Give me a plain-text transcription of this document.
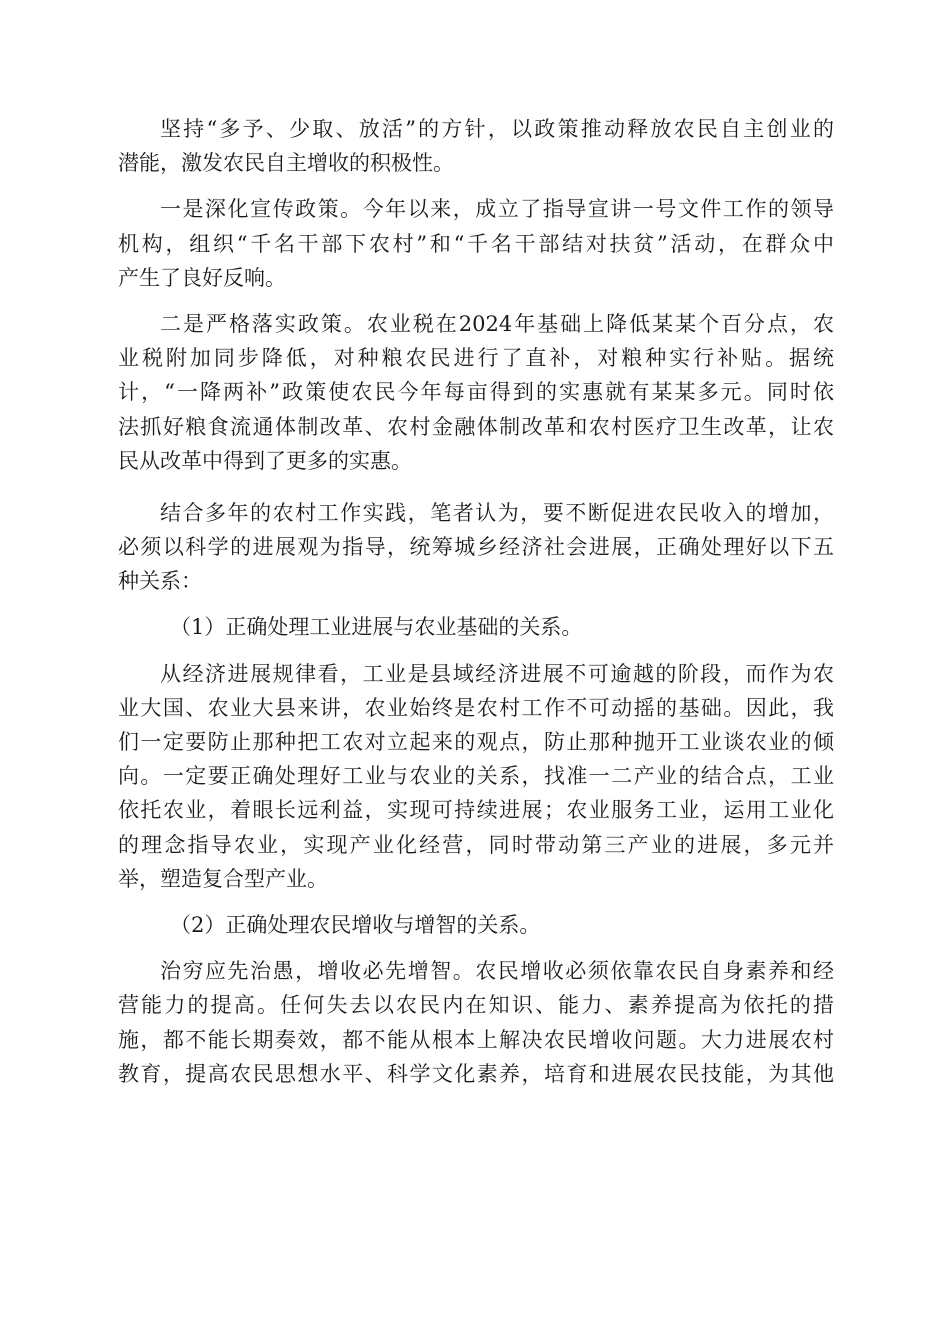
坚持“多予、少取、放活”的方针，以政策推动释放农民自主创业的
潜能，激发农民自主增收的积极性。
一是深化宣传政策。今年以来，成立了指导宣讲一号文件工作的领导
机构，组织“千名干部下农村”和“千名干部结对扶贫”活动，在群众中
产生了良好反响。
二是严格落实政策。农业税在2024年基础上降低某某个百分点，农
业税附加同步降低，对种粮农民进行了直补，对粮种实行补贴。据统
计，“一降两补”政策使农民今年每亩得到的实惠就有某某多元。同时依
法抓好粮食流通体制改革、农村金融体制改革和农村医疗卫生改革，让农
民从改革中得到了更多的实惠。
结合多年的农村工作实践，笔者认为，要不断促进农民收入的增加，
必须以科学的进展观为指导，统筹城乡经济社会进展，正确处理好以下五
种关系：
（1）正确处理工业进展与农业基础的关系。
从经济进展规律看，工业是县域经济进展不可逾越的阶段，而作为农
业大国、农业大县来讲，农业始终是农村工作不可动摇的基础。因此，我
们一定要防止那种把工农对立起来的观点，防止那种抛开工业谈农业的倾
向。一定要正确处理好工业与农业的关系，找准一二产业的结合点，工业
依托农业，着眼长远利益，实现可持续进展；农业服务工业，运用工业化
的理念指导农业，实现产业化经营，同时带动第三产业的进展，多元并
举，塑造复合型产业。
（2）正确处理农民增收与增智的关系。
治穷应先治愚，增收必先增智。农民增收必须依靠农民自身素养和经
营能力的提高。任何失去以农民内在知识、能力、素养提高为依托的措
施，都不能长期奏效，都不能从根本上解决农民增收问题。大力进展农村
教育，提高农民思想水平、科学文化素养，培育和进展农民技能，为其他
